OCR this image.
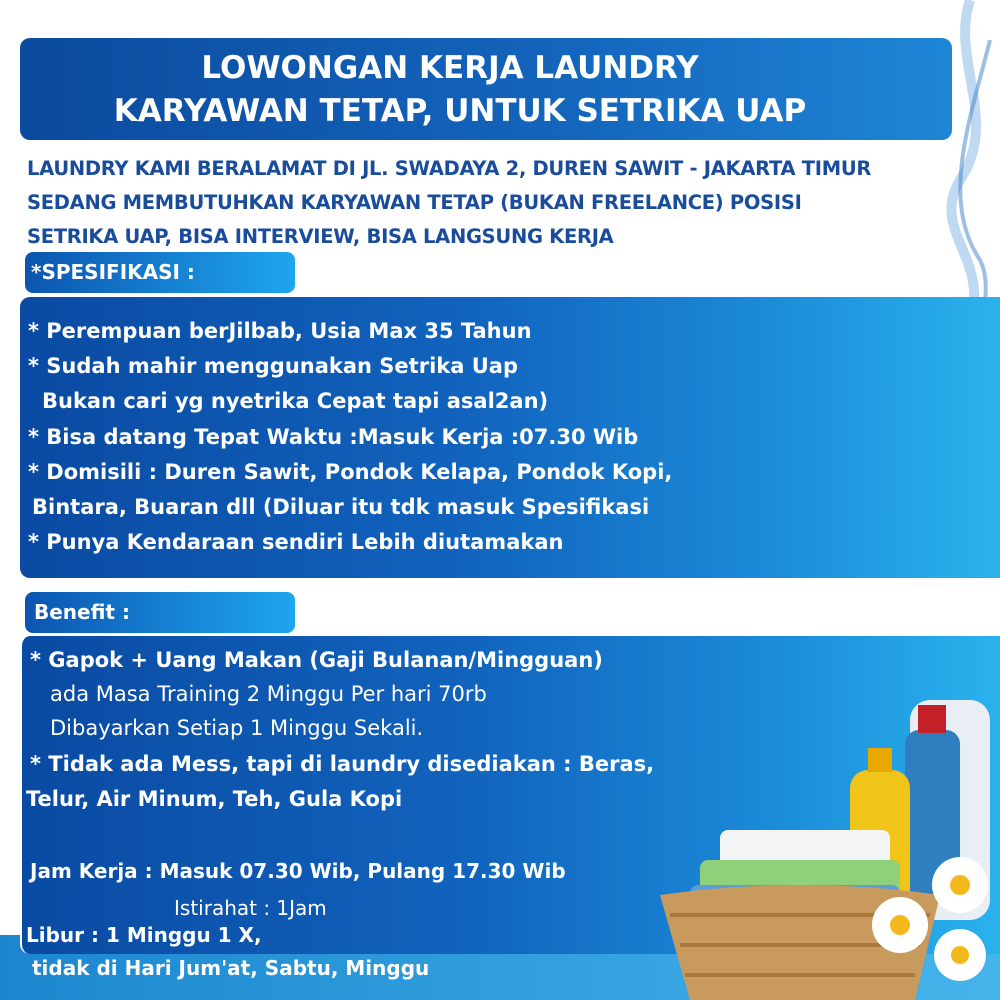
LOWONGAN KERJA LAUNDRY
KARYAWAN TETAP, UNTUK SETRIKA UAP
LAUNDRY KAMI BERALAMAT DI JL. SWADAYA 2, DUREN SAWIT - JAKARTA TIMUR
SEDANG MEMBUTUHKAN KARYAWAN TETAP (BUKAN FREELANCE) POSISI
SETRIKA UAP, BISA INTERVIEW, BISA LANGSUNG KERJA
*SPESIFIKASI :
* Perempuan berJilbab, Usia Max 35 Tahun
* Sudah mahir menggunakan Setrika Uap
Bukan cari yg nyetrika Cepat tapi asal2an)
* Bisa datang Tepat Waktu :Masuk Kerja :07.30 Wib
* Domisili : Duren Sawit, Pondok Kelapa, Pondok Kopi,
Bintara, Buaran dll (Diluar itu tdk masuk Spesifikasi
* Punya Kendaraan sendiri Lebih diutamakan
Benefit :
* Gapok + Uang Makan (Gaji Bulanan/Mingguan)
ada Masa Training 2 Minggu Per hari 70rb
Dibayarkan Setiap 1 Minggu Sekali.
* Tidak ada Mess, tapi di laundry disediakan : Beras,
Telur, Air Minum, Teh, Gula Kopi
Jam Kerja : Masuk 07.30 Wib, Pulang 17.30 Wib
Istirahat : 1Jam
Libur : 1 Minggu 1 X,
tidak di Hari Jum'at, Sabtu, Minggu
